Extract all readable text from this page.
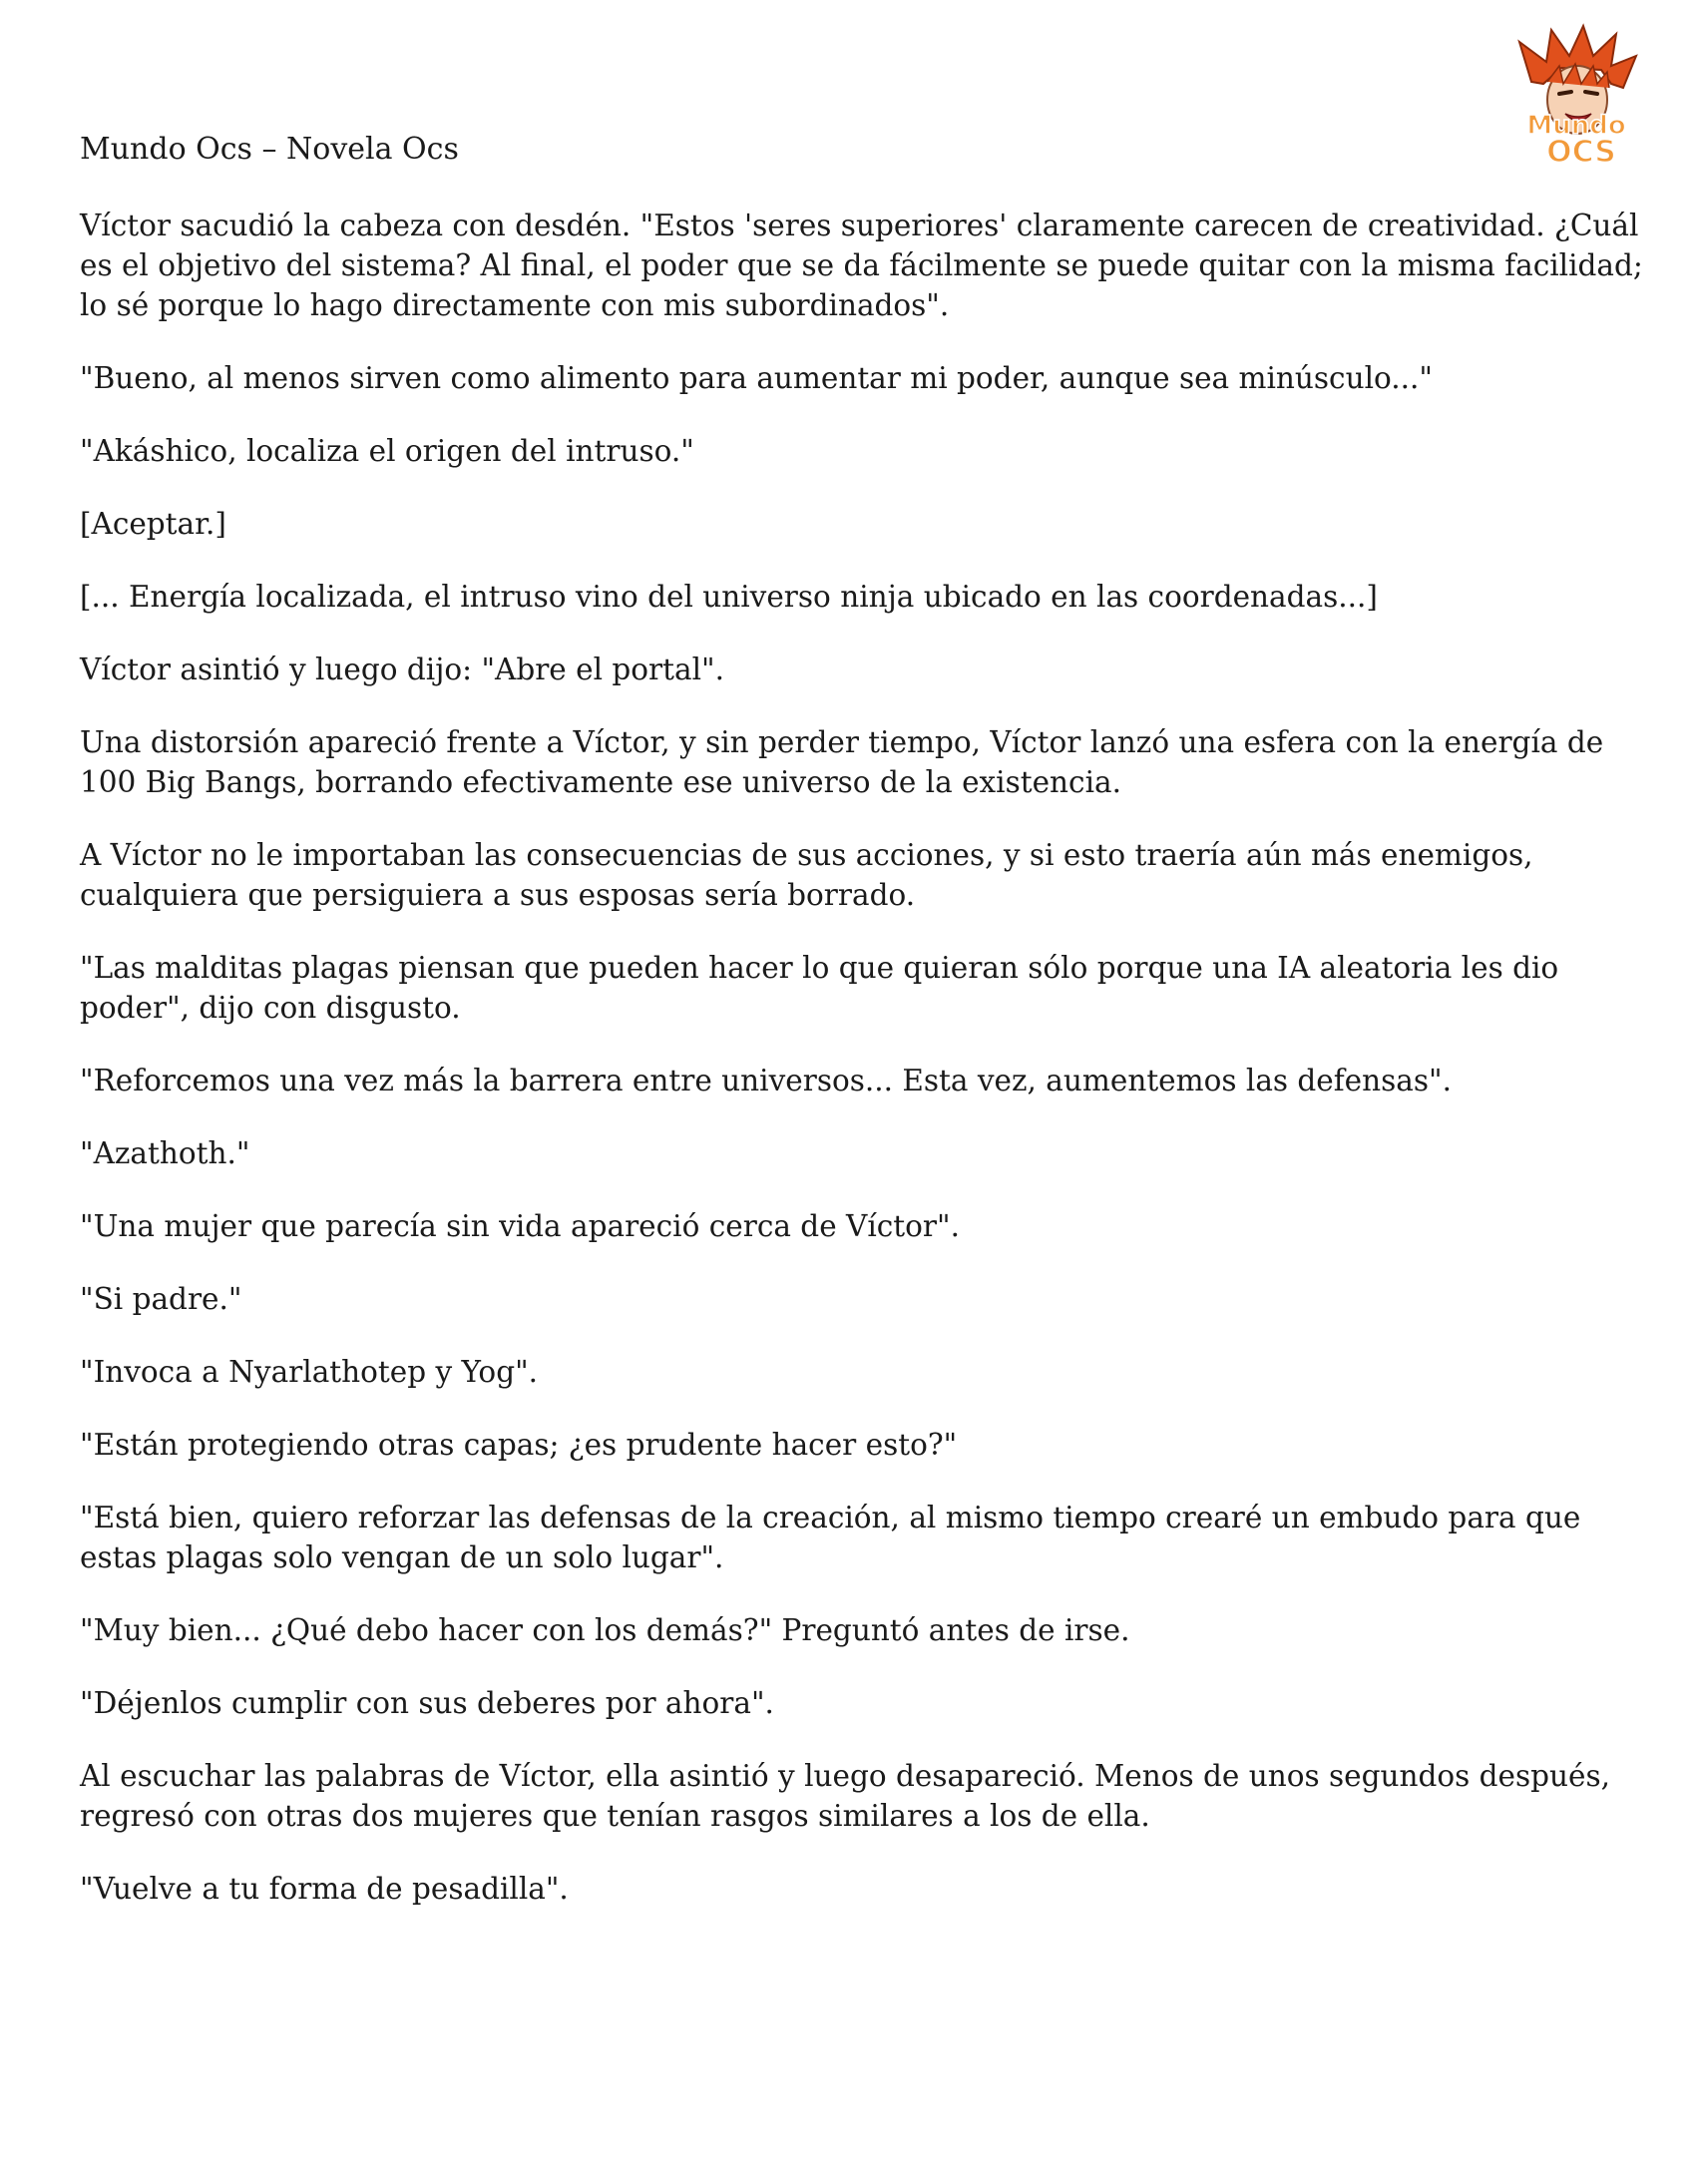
Mundo Ocs – Novela Ocs
Mundo
OCS

Víctor sacudió la cabeza con desdén. "Estos 'seres superiores' claramente carecen de creatividad. ¿Cuál es el objetivo del sistema? Al final, el poder que se da fácilmente se puede quitar con la misma facilidad; lo sé porque lo hago directamente con mis subordinados".

"Bueno, al menos sirven como alimento para aumentar mi poder, aunque sea minúsculo..."

"Akáshico, localiza el origen del intruso."

[Aceptar.]

[... Energía localizada, el intruso vino del universo ninja ubicado en las coordenadas...]

Víctor asintió y luego dijo: "Abre el portal".

Una distorsión apareció frente a Víctor, y sin perder tiempo, Víctor lanzó una esfera con la energía de 100 Big Bangs, borrando efectivamente ese universo de la existencia.

A Víctor no le importaban las consecuencias de sus acciones, y si esto traería aún más enemigos, cualquiera que persiguiera a sus esposas sería borrado.

"Las malditas plagas piensan que pueden hacer lo que quieran sólo porque una IA aleatoria les dio poder", dijo con disgusto.

"Reforcemos una vez más la barrera entre universos... Esta vez, aumentemos las defensas".

"Azathoth."

"Una mujer que parecía sin vida apareció cerca de Víctor".

"Si padre."

"Invoca a Nyarlathotep y Yog".

"Están protegiendo otras capas; ¿es prudente hacer esto?"

"Está bien, quiero reforzar las defensas de la creación, al mismo tiempo crearé un embudo para que estas plagas solo vengan de un solo lugar".

"Muy bien... ¿Qué debo hacer con los demás?" Preguntó antes de irse.

"Déjenlos cumplir con sus deberes por ahora".

Al escuchar las palabras de Víctor, ella asintió y luego desapareció. Menos de unos segundos después, regresó con otras dos mujeres que tenían rasgos similares a los de ella.

"Vuelve a tu forma de pesadilla".
